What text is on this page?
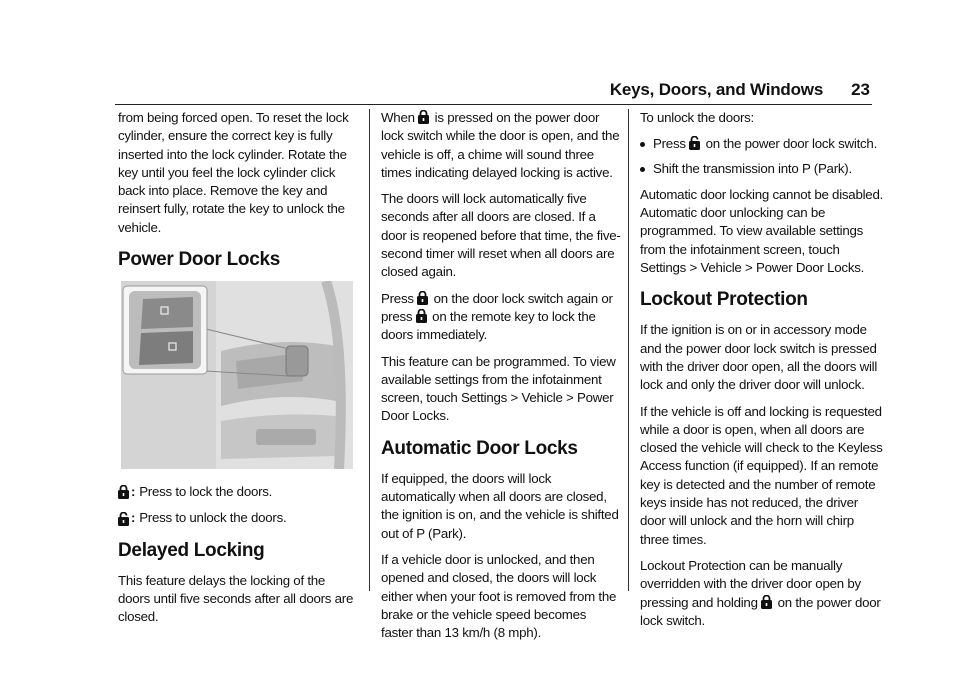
Keys, Doors, and Windows 23

from being forced open. To reset the lock cylinder, ensure the correct key is fully inserted into the lock cylinder. Rotate the key until you feel the lock cylinder click back into place. Remove the key and reinsert fully, rotate the key to unlock the vehicle.

Power Door Locks
: Press to lock the doors.
: Press to unlock the doors.
Delayed Locking

This feature delays the locking of the doors until five seconds after all doors are closed.

When is pressed on the power door lock switch while the door is open, and the vehicle is off, a chime will sound three times indicating delayed locking is active.

The doors will lock automatically five seconds after all doors are closed. If a door is reopened before that time, the five-second timer will reset when all doors are closed again.

Press on the door lock switch again or press on the remote key to lock the doors immediately.

This feature can be programmed. To view available settings from the infotainment screen, touch Settings > Vehicle > Power Door Locks.

Automatic Door Locks

If equipped, the doors will lock automatically when all doors are closed, the ignition is on, and the vehicle is shifted out of P (Park).

If a vehicle door is unlocked, and then opened and closed, the doors will lock either when your foot is removed from the brake or the vehicle speed becomes faster than 13 km/h (8 mph).

To unlock the doors:

Press on the power door lock switch.
Shift the transmission into P (Park).

Automatic door locking cannot be disabled. Automatic door unlocking can be programmed. To view available settings from the infotainment screen, touch Settings > Vehicle > Power Door Locks.

Lockout Protection

If the ignition is on or in accessory mode and the power door lock switch is pressed with the driver door open, all the doors will lock and only the driver door will unlock.

If the vehicle is off and locking is requested while a door is open, when all doors are closed the vehicle will check to the Keyless Access function (if equipped). If an remote key is detected and the number of remote keys inside has not reduced, the driver door will unlock and the horn will chirp three times.

Lockout Protection can be manually overridden with the driver door open by pressing and holding on the power door lock switch.
